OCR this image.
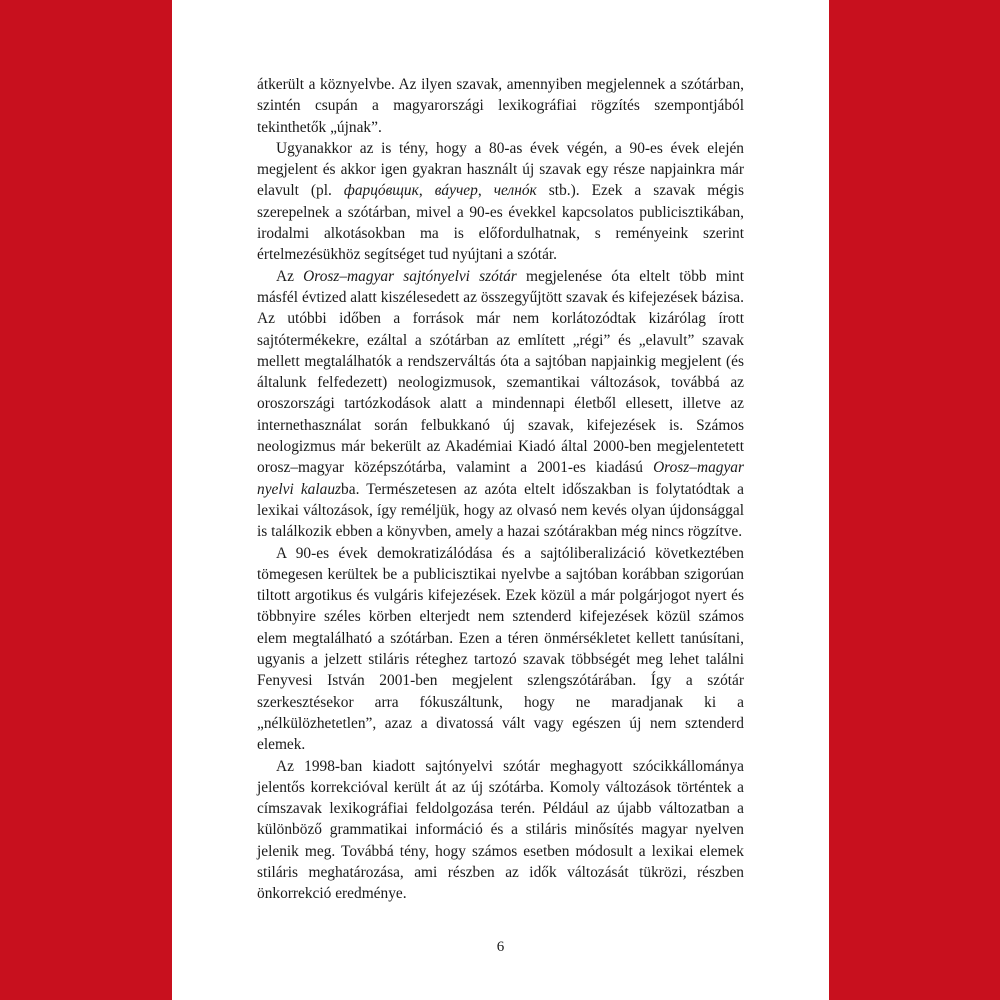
átkerült a köznyelvbe. Az ilyen szavak, amennyiben megjelennek a szótárban, szintén csupán a magyarországi lexikográfiai rögzítés szempontjából tekinthetők „újnak”.

Ugyanakkor az is tény, hogy a 80-as évek végén, a 90-es évek elején megjelent és akkor igen gyakran használt új szavak egy része napjainkra már elavult (pl. фарцóвщик, вáучер, челнóк stb.). Ezek a szavak mégis szerepelnek a szótárban, mivel a 90-es évekkel kapcsolatos publicisztikában, irodalmi alkotásokban ma is előfordulhatnak, s reményeink szerint értelmezésükhöz segítséget tud nyújtani a szótár.

Az Orosz–magyar sajtónyelvi szótár megjelenése óta eltelt több mint másfél évtized alatt kiszélesedett az összegyűjtött szavak és kifejezések bázisa. Az utóbbi időben a források már nem korlátozódtak kizárólag írott sajtótermékekre, ezáltal a szótárban az említett „régi” és „elavult” szavak mellett megtalálhatók a rendszerváltás óta a sajtóban napjainkig megjelent (és általunk felfedezett) neologizmusok, szemantikai változások, továbbá az oroszországi tartózkodások alatt a mindennapi életből ellesett, illetve az internethasználat során felbukkanó új szavak, kifejezések is. Számos neologizmus már bekerült az Akadémiai Kiadó által 2000-ben megjelentetett orosz–magyar középszótárba, valamint a 2001-es kiadású Orosz–magyar nyelvi kalauzba. Természetesen az azóta eltelt időszakban is folytatódtak a lexikai változások, így reméljük, hogy az olvasó nem kevés olyan újdonsággal is találkozik ebben a könyvben, amely a hazai szótárakban még nincs rögzítve.

A 90-es évek demokratizálódása és a sajtóliberalizáció következtében tömegesen kerültek be a publicisztikai nyelvbe a sajtóban korábban szigorúan tiltott argotikus és vulgáris kifejezések. Ezek közül a már polgárjogot nyert és többnyire széles körben elterjedt nem sztenderd kifejezések közül számos elem megtalálható a szótárban. Ezen a téren önmérsékletet kellett tanúsítani, ugyanis a jelzett stiláris réteghez tartozó szavak többségét meg lehet találni Fenyvesi István 2001-ben megjelent szlengszótárában. Így a szótár szerkesztésekor arra fókuszáltunk, hogy ne maradjanak ki a „nélkülözhetetlen”, azaz a divatossá vált vagy egészen új nem sztenderd elemek.

Az 1998-ban kiadott sajtónyelvi szótár meghagyott szócikkállománya jelentős korrekcióval került át az új szótárba. Komoly változások történtek a címszavak lexikográfiai feldolgozása terén. Például az újabb változatban a különböző grammatikai információ és a stiláris minősítés magyar nyelven jelenik meg. Továbbá tény, hogy számos esetben módosult a lexikai elemek stiláris meghatározása, ami részben az idők változását tükrözi, részben önkorrekció eredménye.

6
